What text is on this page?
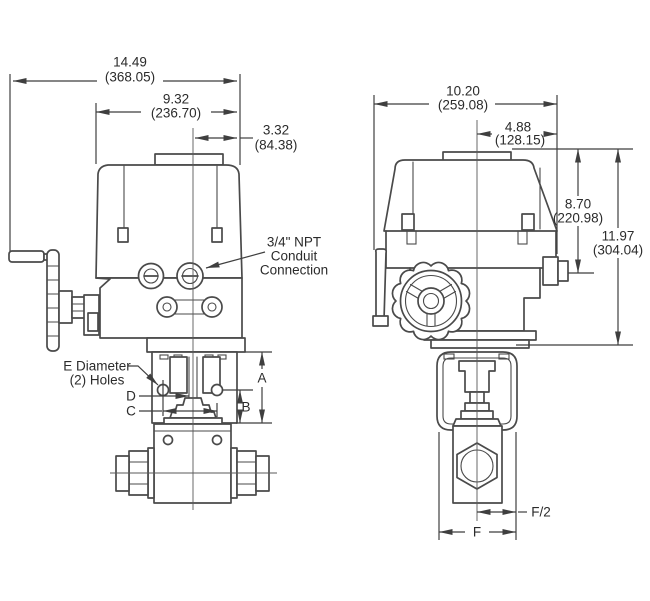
14.49
(368.05)
9.32
(236.70)
3.32
(84.38)
A
B
D
C
3/4" NPT
Conduit
Connection
E Diameter
(2) Holes
10.20
(259.08)
4.88
(128.15)
8.70
(220.98)
11.97
(304.04)
F/2
F
